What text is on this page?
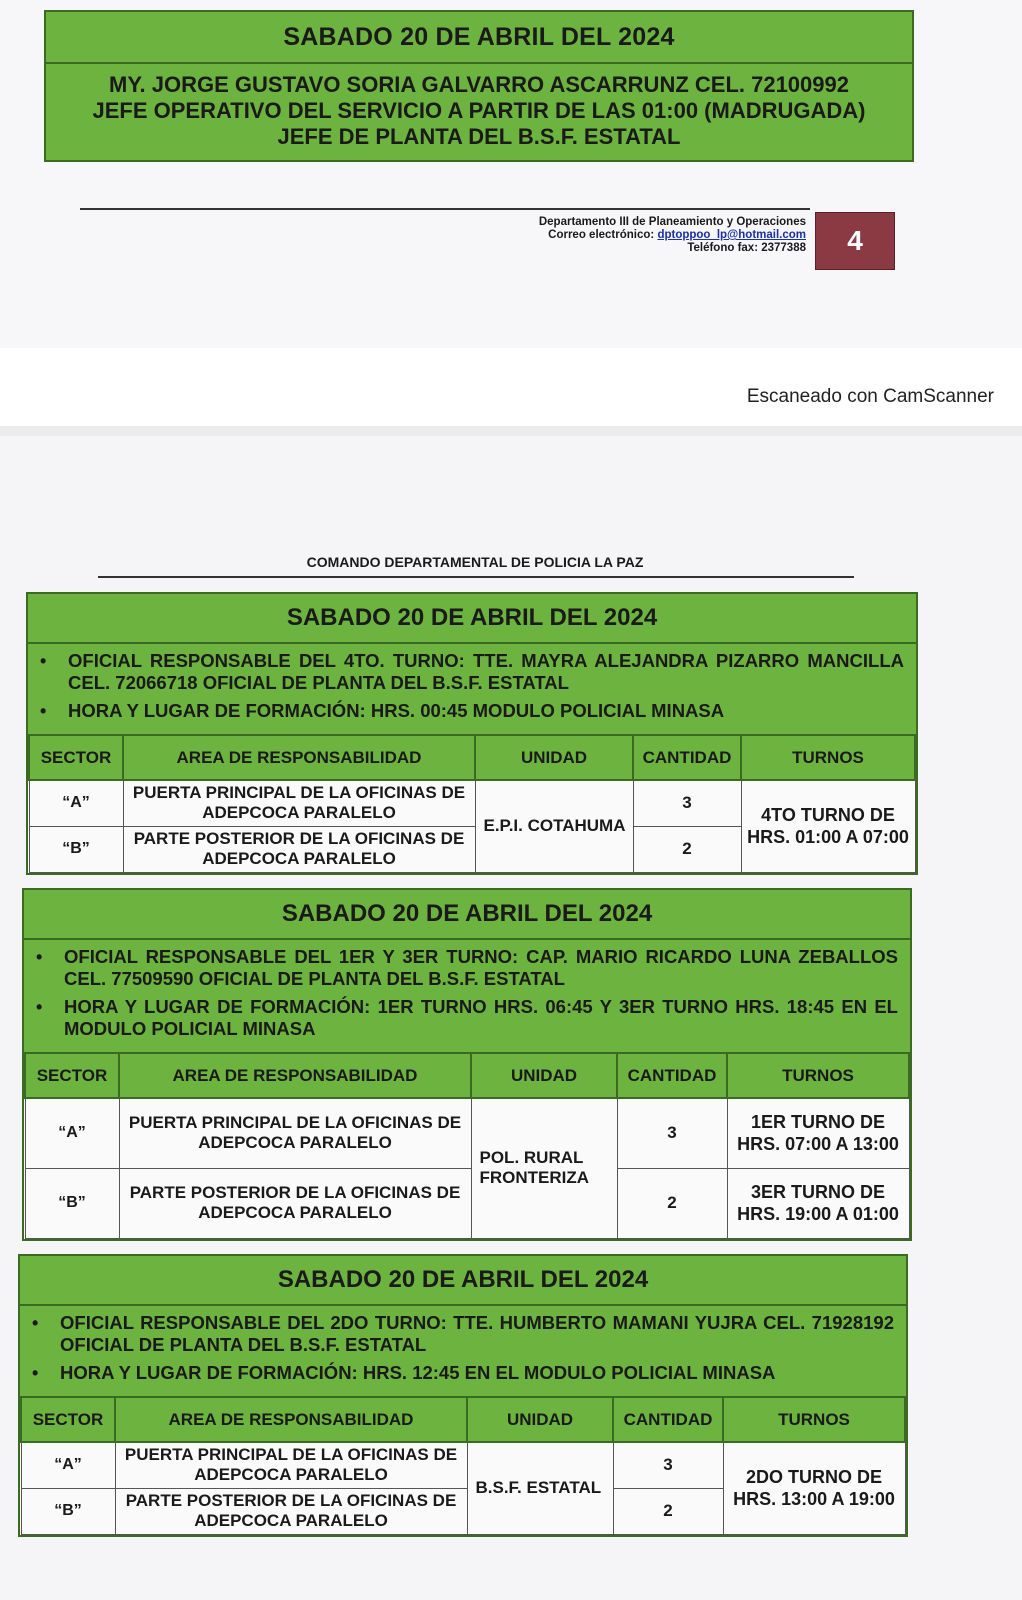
SABADO 20 DE ABRIL DEL 2024
MY. JORGE GUSTAVO SORIA GALVARRO ASCARRUNZ CEL. 72100992
JEFE OPERATIVO DEL SERVICIO A PARTIR DE LAS 01:00 (MADRUGADA)
JEFE DE PLANTA DEL B.S.F. ESTATAL
Departamento III de Planeamiento y Operaciones
Correo electrónico: dptoppoo_lp@hotmail.com
Teléfono fax: 2377388	4
Escaneado con CamScanner
COMANDO DEPARTAMENTAL DE POLICIA LA PAZ
SABADO 20 DE ABRIL DEL 2024
• OFICIAL RESPONSABLE DEL 4TO. TURNO: TTE. MAYRA ALEJANDRA PIZARRO MANCILLA CEL. 72066718 OFICIAL DE PLANTA DEL B.S.F. ESTATAL
• HORA Y LUGAR DE FORMACIÓN: HRS. 00:45 MODULO POLICIAL MINASA
SECTOR	AREA DE RESPONSABILIDAD	UNIDAD	CANTIDAD	TURNOS
“A”	PUERTA PRINCIPAL DE LA OFICINAS DE ADEPCOCA PARALELO	E.P.I. COTAHUMA	3	4TO TURNO DE HRS. 01:00 A 07:00
“B”	PARTE POSTERIOR DE LA OFICINAS DE ADEPCOCA PARALELO		2	
SABADO 20 DE ABRIL DEL 2024
• OFICIAL RESPONSABLE DEL 1ER Y 3ER TURNO: CAP. MARIO RICARDO LUNA ZEBALLOS CEL. 77509590 OFICIAL DE PLANTA DEL B.S.F. ESTATAL
• HORA Y LUGAR DE FORMACIÓN: 1ER TURNO HRS. 06:45 Y 3ER TURNO HRS. 18:45 EN EL MODULO POLICIAL MINASA
SECTOR	AREA DE RESPONSABILIDAD	UNIDAD	CANTIDAD	TURNOS
“A”	PUERTA PRINCIPAL DE LA OFICINAS DE ADEPCOCA PARALELO	POL. RURAL FRONTERIZA	3	1ER TURNO DE HRS. 07:00 A 13:00
“B”	PARTE POSTERIOR DE LA OFICINAS DE ADEPCOCA PARALELO		2	3ER TURNO DE HRS. 19:00 A 01:00
SABADO 20 DE ABRIL DEL 2024
• OFICIAL RESPONSABLE DEL 2DO TURNO: TTE. HUMBERTO MAMANI YUJRA CEL. 71928192 OFICIAL DE PLANTA DEL B.S.F. ESTATAL
• HORA Y LUGAR DE FORMACIÓN: HRS. 12:45 EN EL MODULO POLICIAL MINASA
SECTOR	AREA DE RESPONSABILIDAD	UNIDAD	CANTIDAD	TURNOS
“A”	PUERTA PRINCIPAL DE LA OFICINAS DE ADEPCOCA PARALELO	B.S.F. ESTATAL	3	2DO TURNO DE HRS. 13:00 A 19:00
“B”	PARTE POSTERIOR DE LA OFICINAS DE ADEPCOCA PARALELO		2	
